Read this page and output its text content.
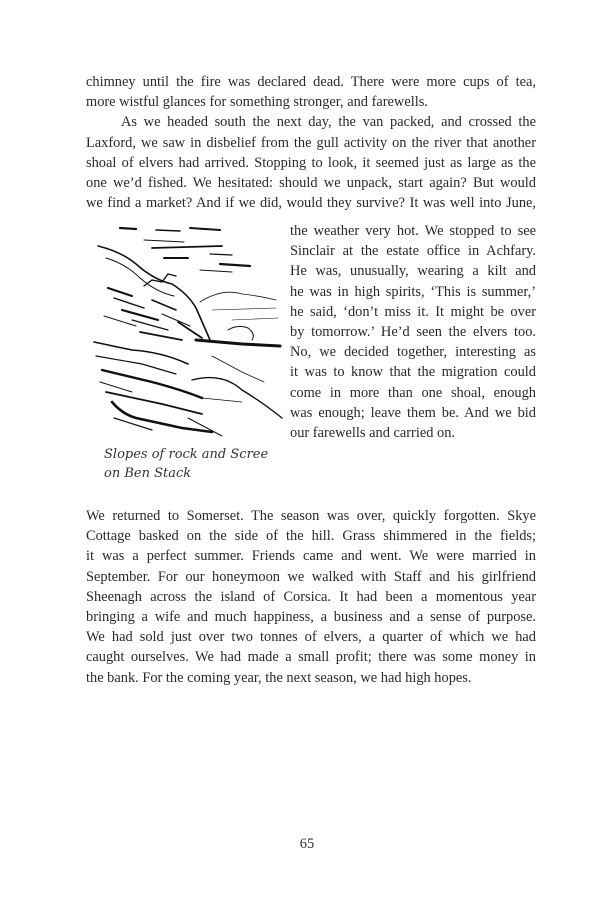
chimney until the fire was declared dead. There were more cups of tea,
more wistful glances for something stronger, and farewells.

As we headed south the next day, the van packed, and crossed the
Laxford, we saw in disbelief from the gull activity on the river that another
shoal of elvers had arrived. Stopping to look, it seemed just as large as the
one we’d fished. We hesitated: should we unpack, start again? But would
we find a market? And if we did, would they survive? It was well into June,

the weather very hot. We stopped to see
Sinclair at the estate office in Achfary.
He was, unusually, wearing a kilt and
he was in high spirits, ‘This is summer,’
he said, ‘don’t miss it. It might be over
by tomorrow.’ He’d seen the elvers too.
No, we decided together, interesting as
it was to know that the migration could
come in more than one shoal, enough
was enough; leave them be. And we bid
our farewells and carried on.
Slopes of rock and Scree
on Ben Stack

We returned to Somerset. The season was over, quickly forgotten. Skye
Cottage basked on the side of the hill. Grass shimmered in the fields;
it was a perfect summer. Friends came and went. We were married in
September. For our honeymoon we walked with Staff and his girlfriend
Sheenagh across the island of Corsica. It had been a momentous year
bringing a wife and much happiness, a business and a sense of purpose.
We had sold just over two tonnes of elvers, a quarter of which we had
caught ourselves. We had made a small profit; there was some money in
the bank. For the coming year, the next season, we had high hopes.

65
